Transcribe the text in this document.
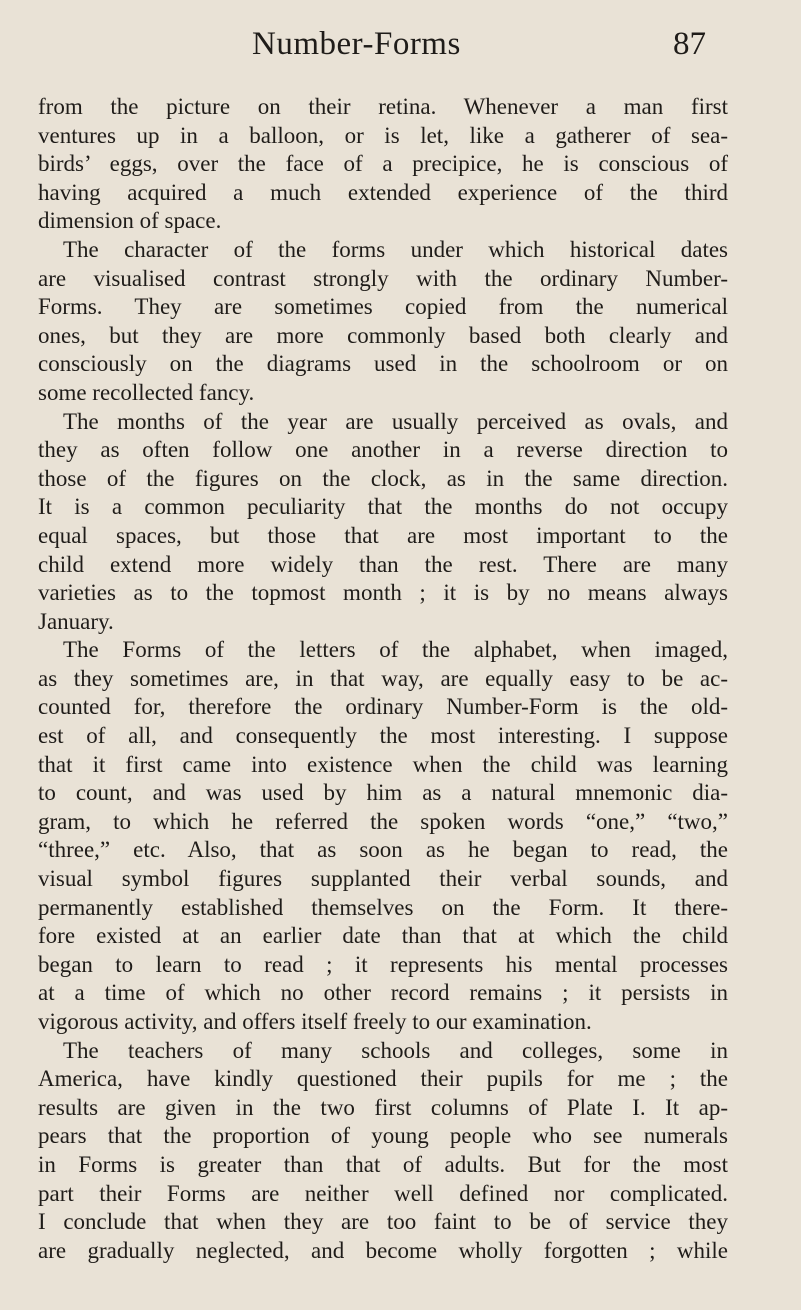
Number-Forms	87
from the picture on their retina. Whenever a man first
ventures up in a balloon, or is let, like a gatherer of sea-
birds’ eggs, over the face of a precipice, he is conscious of
having acquired a much extended experience of the third
dimension of space.
The character of the forms under which historical dates
are visualised contrast strongly with the ordinary Number-
Forms. They are sometimes copied from the numerical
ones, but they are more commonly based both clearly and
consciously on the diagrams used in the schoolroom or on
some recollected fancy.
The months of the year are usually perceived as ovals, and
they as often follow one another in a reverse direction to
those of the figures on the clock, as in the same direction.
It is a common peculiarity that the months do not occupy
equal spaces, but those that are most important to the
child extend more widely than the rest. There are many
varieties as to the topmost month ; it is by no means always
January.
The Forms of the letters of the alphabet, when imaged,
as they sometimes are, in that way, are equally easy to be ac-
counted for, therefore the ordinary Number-Form is the old-
est of all, and consequently the most interesting. I suppose
that it first came into existence when the child was learning
to count, and was used by him as a natural mnemonic dia-
gram, to which he referred the spoken words “one,” “two,”
“three,” etc. Also, that as soon as he began to read, the
visual symbol figures supplanted their verbal sounds, and
permanently established themselves on the Form. It there-
fore existed at an earlier date than that at which the child
began to learn to read ; it represents his mental processes
at a time of which no other record remains ; it persists in
vigorous activity, and offers itself freely to our examination.
The teachers of many schools and colleges, some in
America, have kindly questioned their pupils for me ; the
results are given in the two first columns of Plate I. It ap-
pears that the proportion of young people who see numerals
in Forms is greater than that of adults. But for the most
part their Forms are neither well defined nor complicated.
I conclude that when they are too faint to be of service they
are gradually neglected, and become wholly forgotten ; while
